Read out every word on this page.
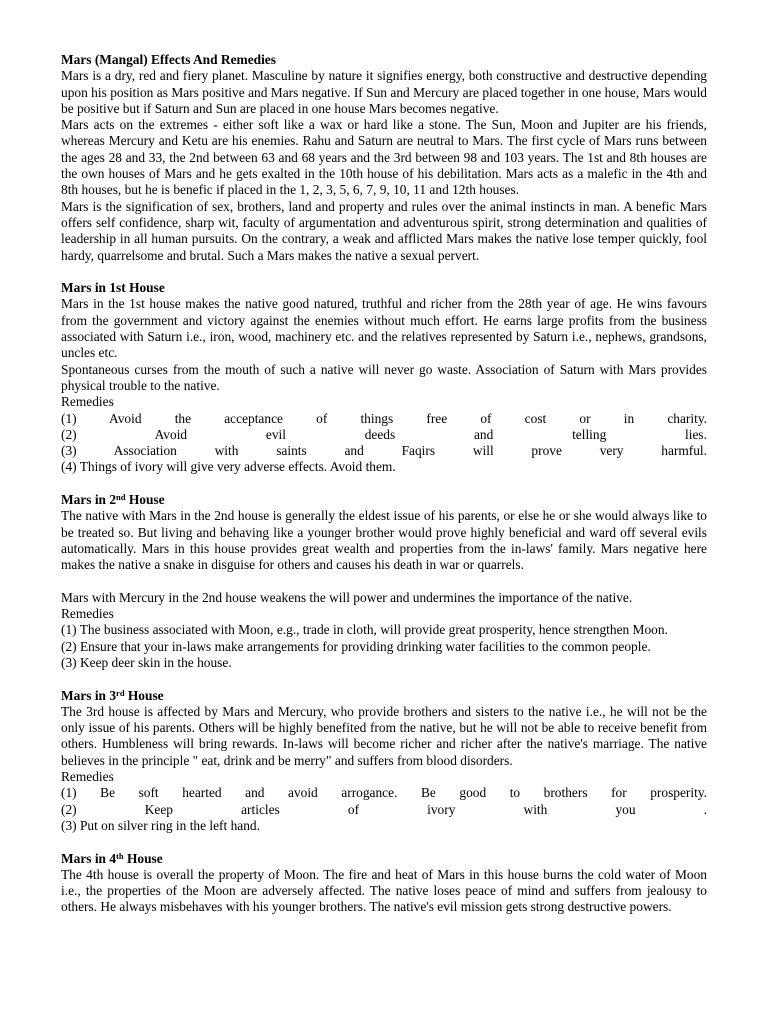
Mars (Mangal) Effects And Remedies

Mars is a dry, red and fiery planet. Masculine by nature it signifies energy, both constructive and destructive depending upon his position as Mars positive and Mars negative. If Sun and Mercury are placed together in one house, Mars would be positive but if Saturn and Sun are placed in one house Mars becomes negative.

Mars acts on the extremes - either soft like a wax or hard like a stone. The Sun, Moon and Jupiter are his friends, whereas Mercury and Ketu are his enemies. Rahu and Saturn are neutral to Mars. The first cycle of Mars runs between the ages 28 and 33, the 2nd between 63 and 68 years and the 3rd between 98 and 103 years. The 1st and 8th houses are the own houses of Mars and he gets exalted in the 10th house of his debilitation. Mars acts as a malefic in the 4th and 8th houses, but he is benefic if placed in the 1, 2, 3, 5, 6, 7, 9, 10, 11 and 12th houses.

Mars is the signification of sex, brothers, land and property and rules over the animal instincts in man. A benefic Mars offers self confidence, sharp wit, faculty of argumentation and adventurous spirit, strong determination and qualities of leadership in all human pursuits. On the contrary, a weak and afflicted Mars makes the native lose temper quickly, fool hardy, quarrelsome and brutal. Such a Mars makes the native a sexual pervert.

Mars in 1st House

Mars in the 1st house makes the native good natured, truthful and richer from the 28th year of age. He wins favours from the government and victory against the enemies without much effort. He earns large profits from the business associated with Saturn i.e., iron, wood, machinery etc. and the relatives represented by Saturn i.e., nephews, grandsons, uncles etc.

Spontaneous curses from the mouth of such a native will never go waste. Association of Saturn with Mars provides physical trouble to the native.

Remedies

(1) Avoid the acceptance of things free of cost or in charity.

(2) Avoid evil deeds and telling lies.

(3) Association with saints and Faqirs will prove very harmful.

(4) Things of ivory will give very adverse effects. Avoid them.

Mars in 2nd House

The native with Mars in the 2nd house is generally the eldest issue of his parents, or else he or she would always like to be treated so. But living and behaving like a younger brother would prove highly beneficial and ward off several evils automatically. Mars in this house provides great wealth and properties from the in-laws' family. Mars negative here makes the native a snake in disguise for others and causes his death in war or quarrels.

Mars with Mercury in the 2nd house weakens the will power and undermines the importance of the native.

Remedies

(1) The business associated with Moon, e.g., trade in cloth, will provide great prosperity, hence strengthen Moon.

(2) Ensure that your in-laws make arrangements for providing drinking water facilities to the common people.

(3) Keep deer skin in the house.

Mars in 3rd House

The 3rd house is affected by Mars and Mercury, who provide brothers and sisters to the native i.e., he will not be the only issue of his parents. Others will be highly benefited from the native, but he will not be able to receive benefit from others. Humbleness will bring rewards. In-laws will become richer and richer after the native's marriage. The native believes in the principle " eat, drink and be merry" and suffers from blood disorders.

Remedies

(1) Be soft hearted and avoid arrogance. Be good to brothers for prosperity.

(2) Keep articles of ivory with you .

(3) Put on silver ring in the left hand.

Mars in 4th House

The 4th house is overall the property of Moon. The fire and heat of Mars in this house burns the cold water of Moon i.e., the properties of the Moon are adversely affected. The native loses peace of mind and suffers from jealousy to others. He always misbehaves with his younger brothers. The native's evil mission gets strong destructive powers.
